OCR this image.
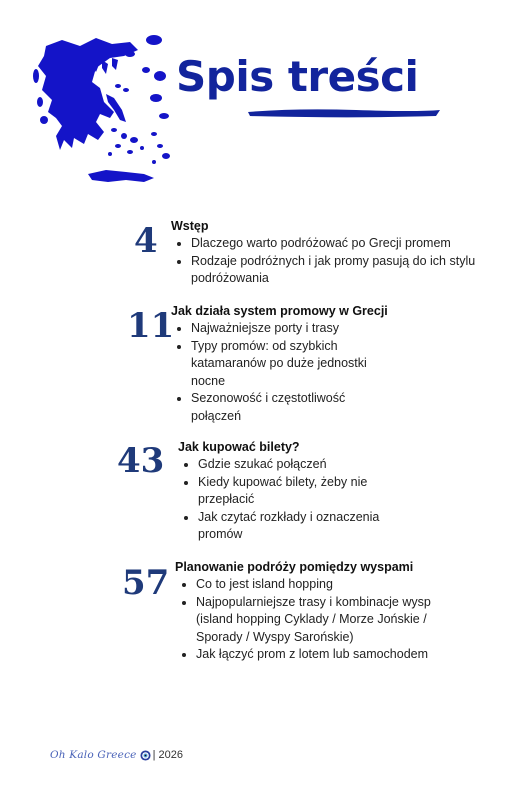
Spis treści
4 Wstęp
Dlaczego warto podróżować po Grecji promem
Rodzaje podróżnych i jak promy pasują do ich stylu podróżowania
11
Jak działa system promowy w Grecji
Najważniejsze porty i trasy
Typy promów: od szybkich katamaranów po duże jednostki nocne
Sezonowość i częstotliwość połączeń
43 Jak kupować bilety?
Gdzie szukać połączeń
Kiedy kupować bilety, żeby nie przepłacić
Jak czytać rozkłady i oznaczenia promów
57 Planowanie podróży pomiędzy wyspami
Co to jest island hopping
Najpopularniejsze trasy i kombinacje wysp (island hopping Cyklady / Morze Jońskie / Sporady / Wyspy Sarońskie)
Jak łączyć prom z lotem lub samochodem
Oh Kalo Greece | 2026
